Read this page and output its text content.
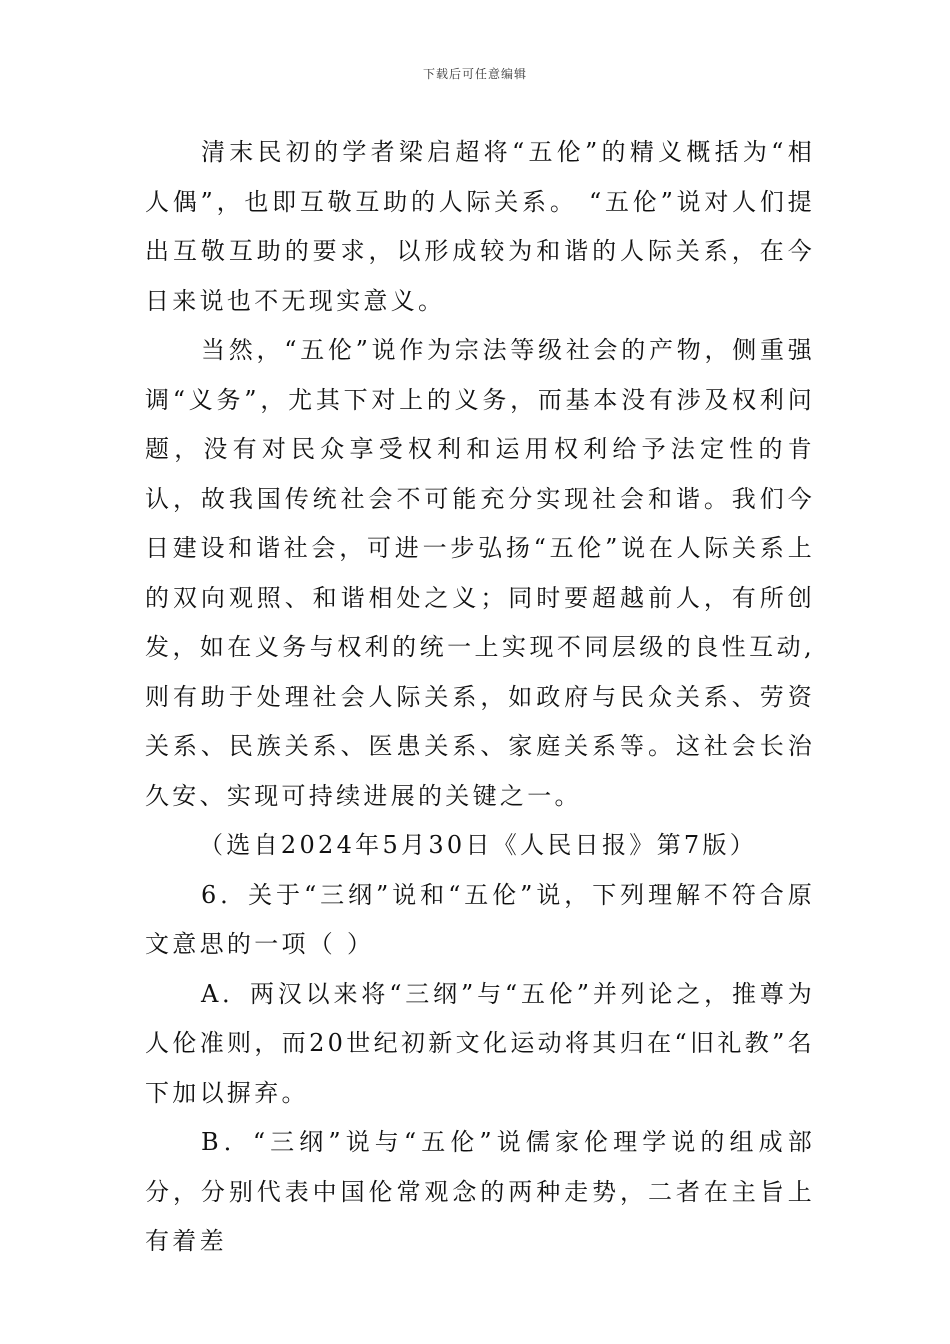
下载后可任意编辑

清末民初的学者梁启超将“五伦”的精义概括为“相人偶”，也即互敬互助的人际关系。 “五伦”说对人们提出互敬互助的要求，以形成较为和谐的人际关系，在今日来说也不无现实意义。

当然，“五伦”说作为宗法等级社会的产物，侧重强调“义务”，尤其下对上的义务，而基本没有涉及权利问题，没有对民众享受权利和运用权利给予法定性的肯认，故我国传统社会不可能充分实现社会和谐。我们今日建设和谐社会，可进一步弘扬“五伦”说在人际关系上的双向观照、和谐相处之义；同时要超越前人，有所创发，如在义务与权利的统一上实现不同层级的良性互动,则有助于处理社会人际关系，如政府与民众关系、劳资关系、民族关系、医患关系、家庭关系等。这社会长治久安、实现可持续进展的关键之一。

（选自2024年5月30日《人民日报》第7版）

6．关于“三纲”说和“五伦”说，下列理解不符合原文意思的一项（ ）

A．两汉以来将“三纲”与“五伦”并列论之，推尊为人伦准则，而20世纪初新文化运动将其归在“旧礼教”名下加以摒弃。

B．“三纲”说与“五伦”说儒家伦理学说的组成部分，分别代表中国伦常观念的两种走势，二者在主旨上有着差
